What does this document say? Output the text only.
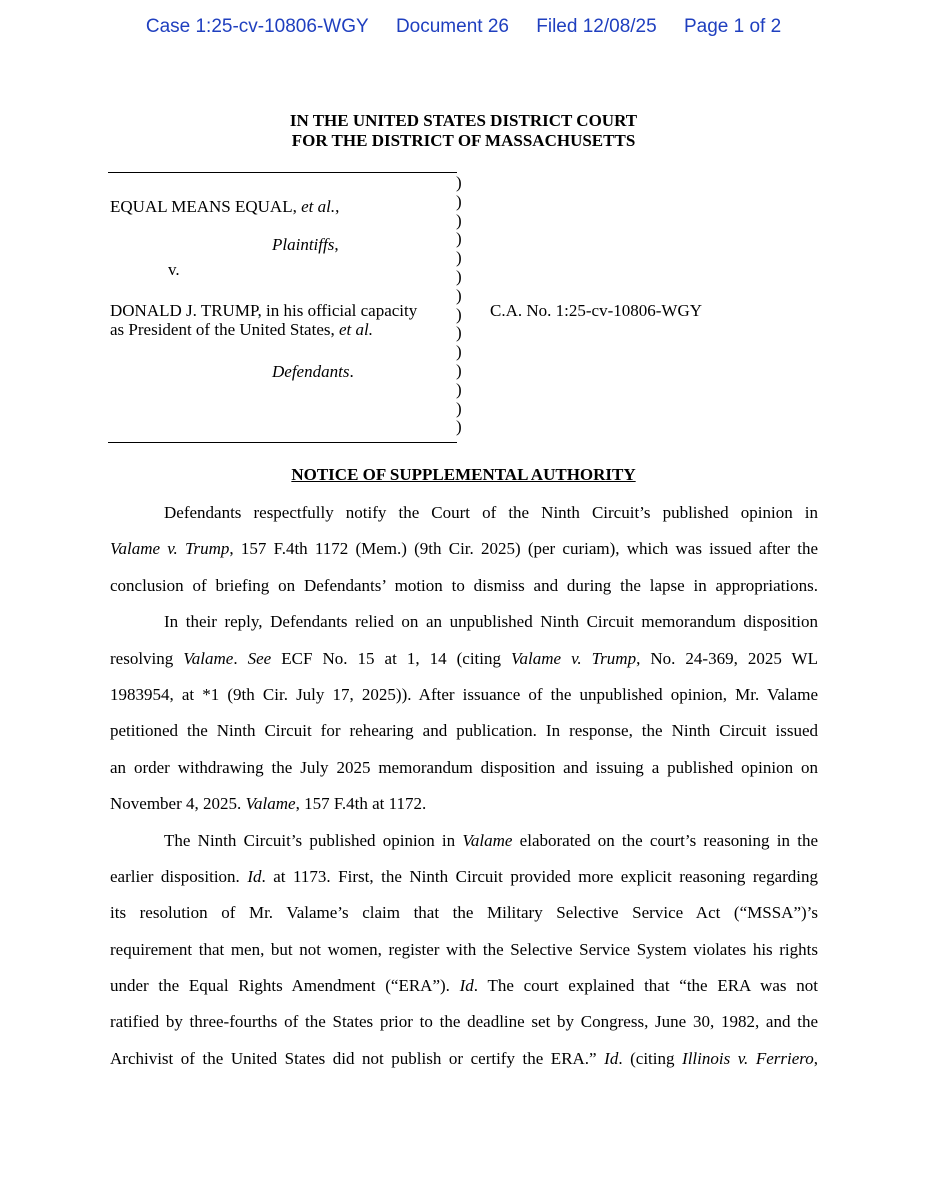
Case 1:25-cv-10806-WGY Document 26 Filed 12/08/25 Page 1 of 2
IN THE UNITED STATES DISTRICT COURT
FOR THE DISTRICT OF MASSACHUSETTS
)
)
)
)
)
)
)
)
)
)
)
)
)
)
EQUAL MEANS EQUAL, et al.,
Plaintiffs,
v.
DONALD J. TRUMP, in his official capacity
as President of the United States, et al.
Defendants.
C.A. No. 1:25-cv-10806-WGY
NOTICE OF SUPPLEMENTAL AUTHORITY
Defendants respectfully notify the Court of the Ninth Circuit’s published opinion in
Valame v. Trump, 157 F.4th 1172 (Mem.) (9th Cir. 2025) (per curiam), which was issued after the
conclusion of briefing on Defendants’ motion to dismiss and during the lapse in appropriations.
In their reply, Defendants relied on an unpublished Ninth Circuit memorandum disposition
resolving Valame. See ECF No. 15 at 1, 14 (citing Valame v. Trump, No. 24-369, 2025 WL
1983954, at *1 (9th Cir. July 17, 2025)). After issuance of the unpublished opinion, Mr. Valame
petitioned the Ninth Circuit for rehearing and publication. In response, the Ninth Circuit issued
an order withdrawing the July 2025 memorandum disposition and issuing a published opinion on
November 4, 2025. Valame, 157 F.4th at 1172.
The Ninth Circuit’s published opinion in Valame elaborated on the court’s reasoning in the
earlier disposition. Id. at 1173. First, the Ninth Circuit provided more explicit reasoning regarding
its resolution of Mr. Valame’s claim that the Military Selective Service Act (“MSSA”)’s
requirement that men, but not women, register with the Selective Service System violates his rights
under the Equal Rights Amendment (“ERA”). Id. The court explained that “the ERA was not
ratified by three-fourths of the States prior to the deadline set by Congress, June 30, 1982, and the
Archivist of the United States did not publish or certify the ERA.” Id. (citing Illinois v. Ferriero,
